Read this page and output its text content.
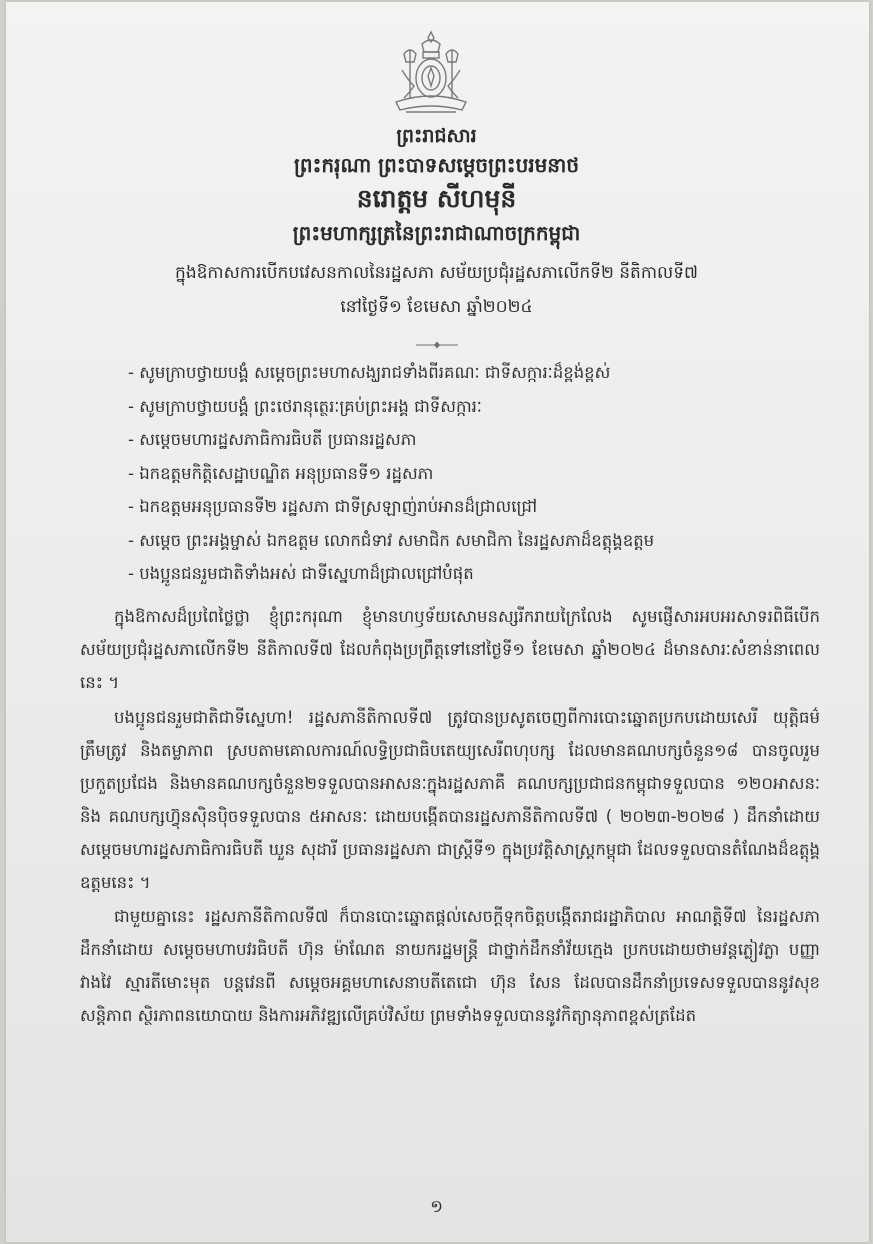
ព្រះរាជសារ
ព្រះករុណា ព្រះបាទសម្ដេចព្រះបរមនាថ
នរោត្តម សីហមុនី
ព្រះមហាក្សត្រនៃព្រះរាជាណាចក្រកម្ពុជា
ក្នុងឱកាសការបើកបវេសនកាលនៃរដ្ឋសភា សម័យប្រជុំរដ្ឋសភាលើកទី២ នីតិកាលទី៧
នៅថ្ងៃទី១ ខែមេសា ឆ្នាំ២០២៤
- សូមក្រាបថ្វាយបង្គំ សម្ដេចព្រះមហាសង្ឃរាជទាំងពីរគណៈ ជាទីសក្ការៈដ៏ខ្ពង់ខ្ពស់
- សូមក្រាបថ្វាយបង្គំ ព្រះថេរានុត្ថេរៈគ្រប់ព្រះអង្គ ជាទីសក្ការៈ
- សម្ដេចមហារដ្ឋសភាធិការធិបតី ប្រធានរដ្ឋសភា
- ឯកឧត្ដមកិត្តិសេដ្ឋាបណ្ឌិត អនុប្រធានទី១ រដ្ឋសភា
- ឯកឧត្ដមអនុប្រធានទី២ រដ្ឋសភា ជាទីស្រឡាញ់រាប់អានដ៏ជ្រាលជ្រៅ
- សម្ដេច ព្រះអង្គម្ចាស់ ឯកឧត្ដម លោកជំទាវ សមាជិក សមាជិកា នៃរដ្ឋសភាដ៏ឧត្ដុង្គឧត្ដម
- បងប្អូនជនរួមជាតិទាំងអស់ ជាទីស្នេហាដ៏ជ្រាលជ្រៅបំផុត

ក្នុងឱកាសដ៏ប្រពៃថ្លៃថ្លា ខ្ញុំព្រះករុណា ខ្ញុំមានហឫទ័យសោមនស្សរីករាយក្រៃលែង សូមផ្ញើសារអបអរសាទរពិធីបើកសម័យប្រជុំរដ្ឋសភាលើកទី២ នីតិកាលទី៧ ដែលកំពុងប្រព្រឹត្តទៅនៅថ្ងៃទី១ ខែមេសា ឆ្នាំ២០២៤ ដ៏មានសារៈសំខាន់នាពេលនេះ ។

បងប្អូនជនរួមជាតិជាទីស្នេហា! រដ្ឋសភានីតិកាលទី៧ ត្រូវបានប្រសូតចេញពីការបោះឆ្នោតប្រកបដោយសេរី យុត្តិធម៌ ត្រឹមត្រូវ និងតម្លាភាព ស្របតាមគោលការណ៍លទ្ធិប្រជាធិបតេយ្យសេរីពហុបក្ស ដែលមានគណបក្សចំនួន១៨ បានចូលរួមប្រកួតប្រជែង និងមានគណបក្សចំនួន២ទទួលបានអាសនៈក្នុងរដ្ឋសភាគឺ គណបក្សប្រជាជនកម្ពុជាទទួលបាន ១២០អាសនៈ និង គណបក្សហ៊្វុនស៊ិនប៉ិចទទួលបាន ៥អាសនៈ ដោយបង្កើតបានរដ្ឋសភានីតិកាលទី៧ ( ២០២៣-២០២៨ ) ដឹកនាំដោយសម្ដេចមហារដ្ឋសភាធិការធិបតី ឃួន សុដារី ប្រធានរដ្ឋសភា ជាស្ត្រីទី១ ក្នុងប្រវត្តិសាស្ត្រកម្ពុជា ដែលទទួលបានតំណែងដ៏ឧត្ដុង្គឧត្ដមនេះ ។

ជាមួយគ្នានេះ រដ្ឋសភានីតិកាលទី៧ ក៏បានបោះឆ្នោតផ្ដល់សេចក្ដីទុកចិត្តបង្កើតរាជរដ្ឋាភិបាល អាណត្តិទី៧ នៃរដ្ឋសភា ដឹកនាំដោយ សម្ដេចមហាបវរធិបតី ហ៊ុន ម៉ាណែត នាយករដ្ឋមន្ត្រី ជាថ្នាក់ដឹកនាំវ័យក្មេង ប្រកបដោយថាមវន្តភ្លៀវភ្លា បញ្ញាវាងវៃ ស្មារតីមោះមុត បន្តវេនពី សម្ដេចអគ្គមហាសេនាបតីតេជោ ហ៊ុន សែន ដែលបានដឹកនាំប្រទេសទទួលបាននូវសុខសន្តិភាព ស្ថិរភាពនយោបាយ និងការអភិវឌ្ឍលើគ្រប់វិស័យ ព្រមទាំងទទួលបាននូវកិត្យានុភាពខ្ពស់ត្រដែត

១
